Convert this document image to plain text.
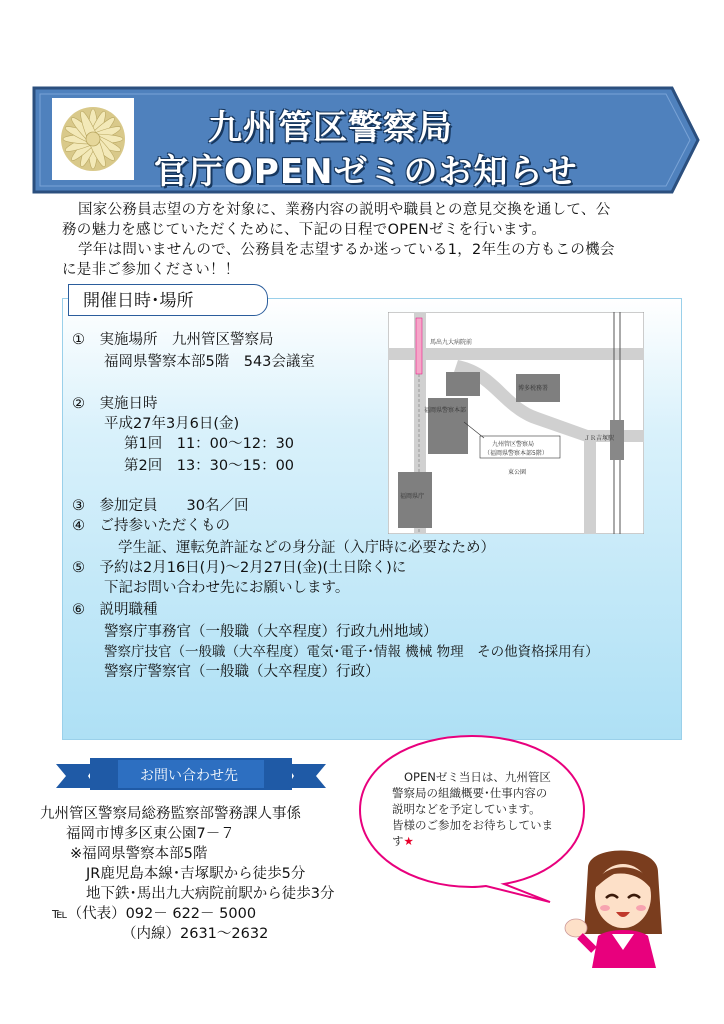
九州管区警察局
官庁OPENゼミのお知らせ
国家公務員志望の方を対象に、業務内容の説明や職員との意見交換を通して、公
務の魅力を感じていただくために、下記の日程でOPENゼミを行います。
学年は問いませんので、公務員を志望するか迷っている1，2年生の方もこの機会
に是非ご参加ください！！
開催日時･場所
①　実施場所　九州管区警察局
福岡県警察本部5階　543会議室
②　実施日時
平成27年3月6日(金)
第1回　11：00～12：30
第2回　13：30～15：00
③　参加定員　　30名／回
④　ご持参いただくもの
学生証、運転免許証などの身分証（入庁時に必要なため）
⑤　予約は2月16日(月)～2月27日(金)(土日除く)に
下記お問い合わせ先にお願いします。
⑥　説明職種
警察庁事務官（一般職（大卒程度）行政九州地域）
警察庁技官（一般職（大卒程度）電気･電子･情報 機械 物理　その他資格採用有）
警察庁警察官（一般職（大卒程度）行政）
馬出九大病院前
博多税務署
福岡県警察本部
九州管区警察局
（福岡県警察本部5階）
ＪＲ吉塚駅
東公園
福岡県庁
お問い合わせ先
九州管区警察局総務監察部警務課人事係
福岡市博多区東公園7－７
※福岡県警察本部5階
JR鹿児島本線･吉塚駅から徒歩5分
地下鉄･馬出九大病院前駅から徒歩3分
℡（代表）092－ 622－ 5000
（内線）2631～2632
OPENゼミ当日は、九州管区
警察局の組織概要･仕事内容の
説明などを予定しています。
皆様のご参加をお待ちしていま
す★
